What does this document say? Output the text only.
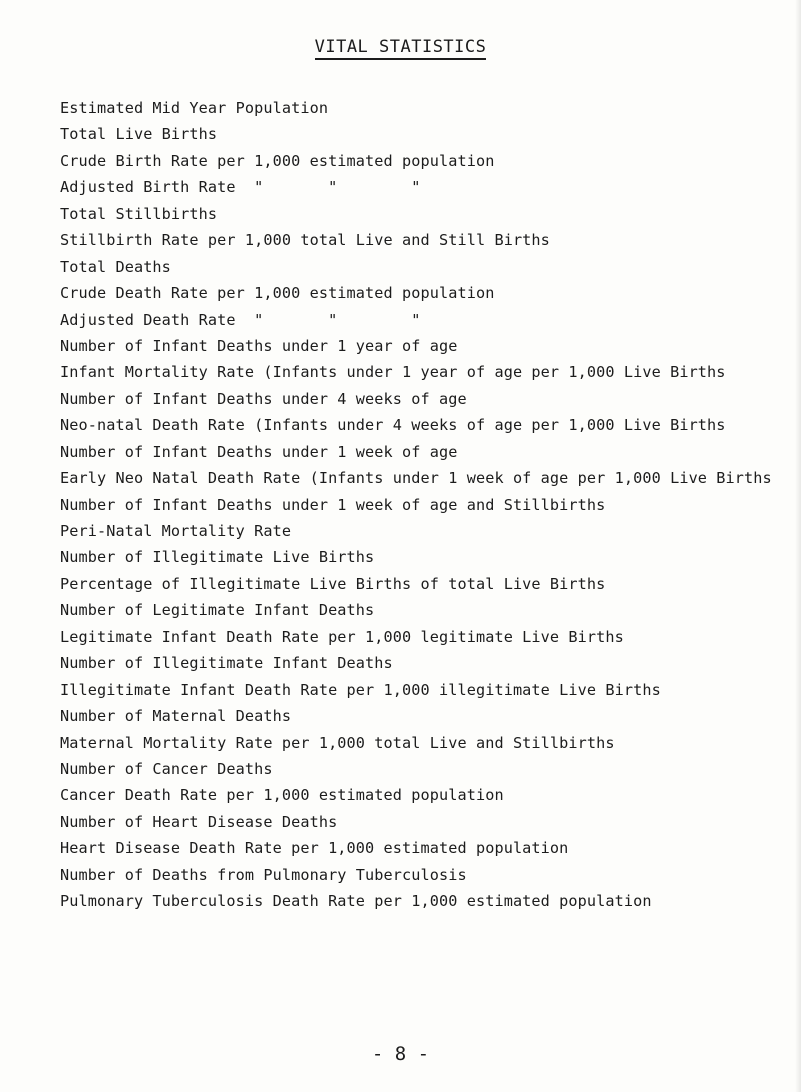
VITAL STATISTICS
Estimated Mid Year Population
Total Live Births
Crude Birth Rate per 1,000 estimated population
Adjusted Birth Rate  "       "        "
Total Stillbirths
Stillbirth Rate per 1,000 total Live and Still Births
Total Deaths
Crude Death Rate per 1,000 estimated population
Adjusted Death Rate  "       "        "
Number of Infant Deaths under 1 year of age
Infant Mortality Rate (Infants under 1 year of age per 1,000 Live Births
Number of Infant Deaths under 4 weeks of age
Neo-natal Death Rate (Infants under 4 weeks of age per 1,000 Live Births
Number of Infant Deaths under 1 week of age
Early Neo Natal Death Rate (Infants under 1 week of age per 1,000 Live Births
Number of Infant Deaths under 1 week of age and Stillbirths
Peri-Natal Mortality Rate
Number of Illegitimate Live Births
Percentage of Illegitimate Live Births of total Live Births
Number of Legitimate Infant Deaths
Legitimate Infant Death Rate per 1,000 legitimate Live Births
Number of Illegitimate Infant Deaths
Illegitimate Infant Death Rate per 1,000 illegitimate Live Births
Number of Maternal Deaths
Maternal Mortality Rate per 1,000 total Live and Stillbirths
Number of Cancer Deaths
Cancer Death Rate per 1,000 estimated population
Number of Heart Disease Deaths
Heart Disease Death Rate per 1,000 estimated population
Number of Deaths from Pulmonary Tuberculosis
Pulmonary Tuberculosis Death Rate per 1,000 estimated population
- 8 -
